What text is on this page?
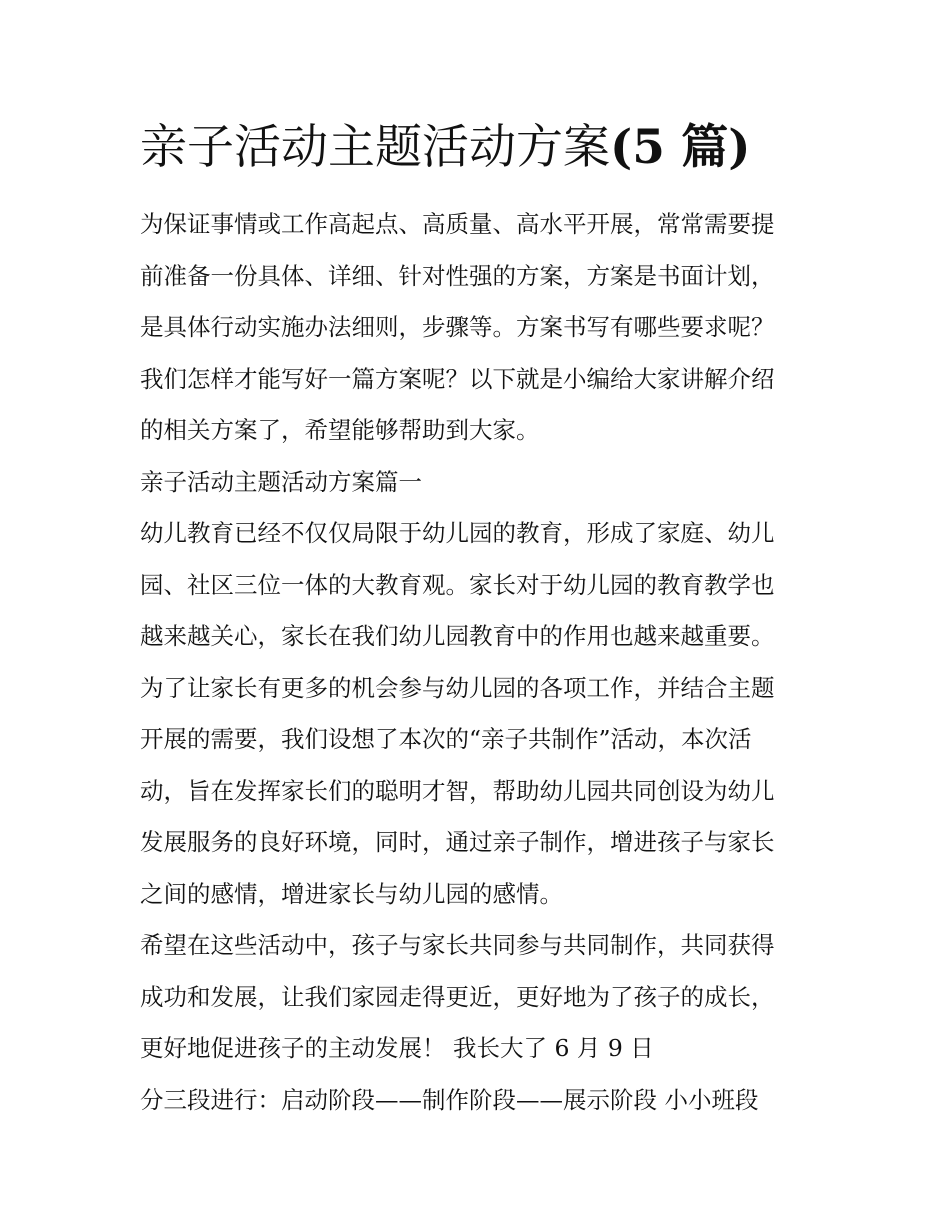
亲子活动主题活动方案(5 篇)
为保证事情或工作高起点、高质量、高水平开展，常常需要提
前准备一份具体、详细、针对性强的方案，方案是书面计划，
是具体行动实施办法细则，步骤等。方案书写有哪些要求呢？
我们怎样才能写好一篇方案呢？以下就是小编给大家讲解介绍
的相关方案了，希望能够帮助到大家。
亲子活动主题活动方案篇一
幼儿教育已经不仅仅局限于幼儿园的教育，形成了家庭、幼儿
园、社区三位一体的大教育观。家长对于幼儿园的教育教学也
越来越关心，家长在我们幼儿园教育中的作用也越来越重要。
为了让家长有更多的机会参与幼儿园的各项工作，并结合主题
开展的需要，我们设想了本次的“亲子共制作”活动，本次活
动，旨在发挥家长们的聪明才智，帮助幼儿园共同创设为幼儿
发展服务的良好环境，同时，通过亲子制作，增进孩子与家长
之间的感情，增进家长与幼儿园的感情。
希望在这些活动中，孩子与家长共同参与共同制作，共同获得
成功和发展，让我们家园走得更近，更好地为了孩子的成长，
更好地促进孩子的主动发展！ 我长大了 6 月 9 日
分三段进行：启动阶段——制作阶段——展示阶段 小小班段
